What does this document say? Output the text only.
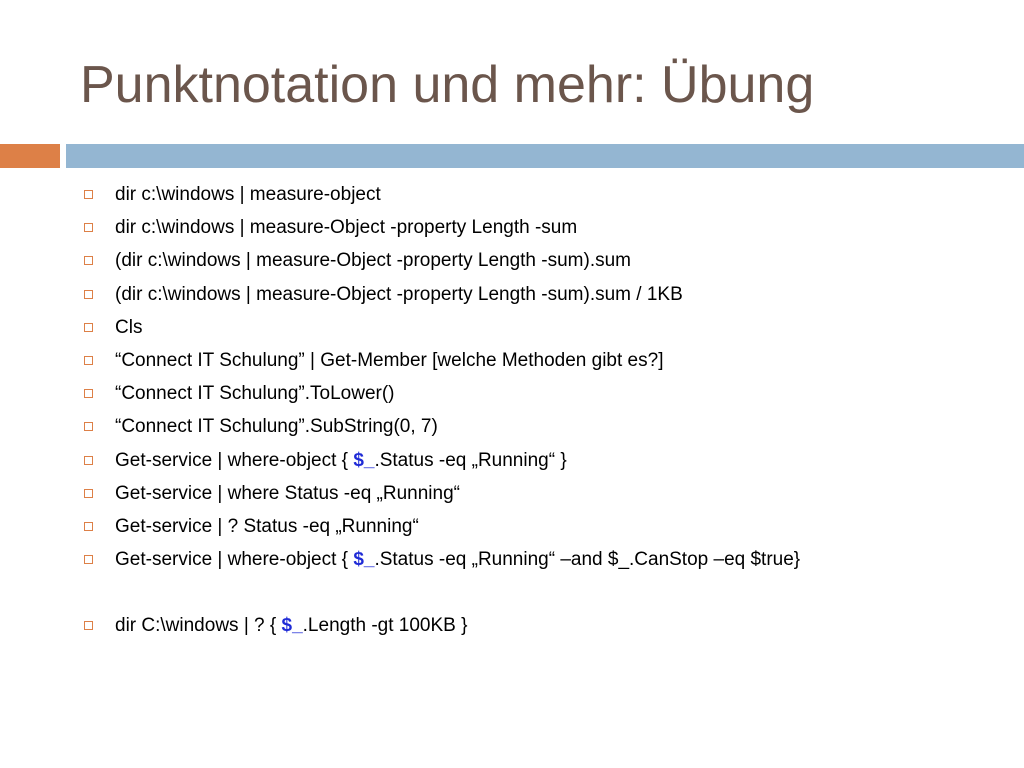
Punktnotation und mehr: Übung
dir c:\windows | measure-object
dir c:\windows | measure-Object -property Length -sum
(dir c:\windows | measure-Object -property Length -sum).sum
(dir c:\windows | measure-Object -property Length -sum).sum / 1KB
Cls
“Connect IT Schulung” | Get-Member [welche Methoden gibt es?]
“Connect IT Schulung”.ToLower()
“Connect IT Schulung”.SubString(0, 7)
Get-service | where-object { $_.Status -eq „Running“ }
Get-service | where Status -eq „Running“
Get-service | ? Status -eq „Running“
Get-service | where-object { $_.Status -eq „Running“ –and $_.CanStop –eq $true}
dir C:\windows | ? { $_.Length -gt 100KB }
